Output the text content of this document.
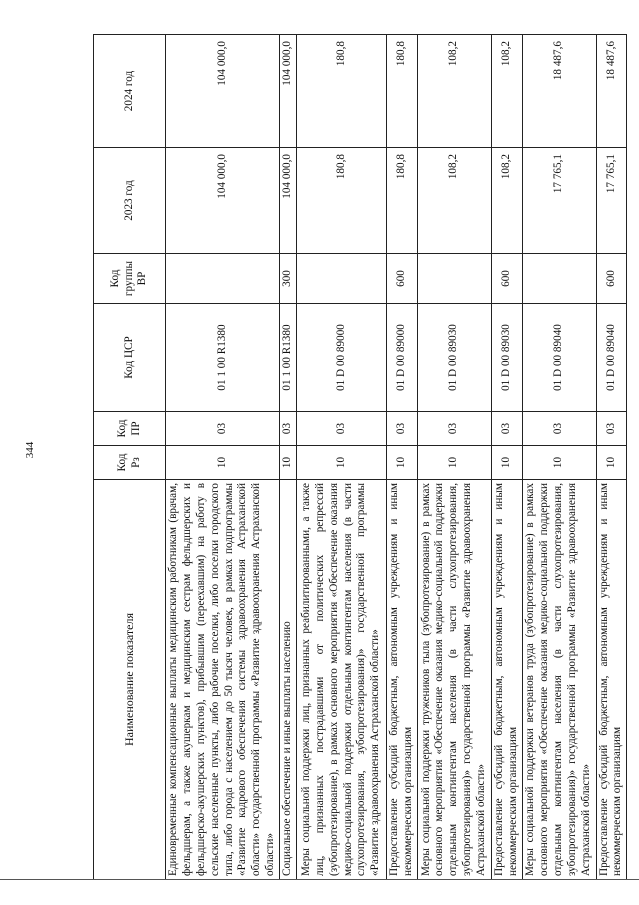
344
Наименование показателя	Код Рз	Код ПР	Код ЦСР	Код группы ВР	2023 год	2024 год
Единовременные компенсационные выплаты медицинским работникам (врачам, фельдшерам, а также акушеркам и медицинским сестрам фельдшерских и фельдшерско-акушерских пунктов), прибывшим (переехавшим) на работу в сельские населенные пункты, либо рабочие поселки, либо поселки городского типа, либо города с населением до 50 тысяч человек, в рамках подпрограммы «Развитие кадрового обеспечения системы здравоохранения Астраханской области» государственной программы «Развитие здравоохранения Астраханской области»	10	03	01 1 00 R1380		104 000,0	104 000,0
Социальное обеспечение и иные выплаты населению	10	03	01 1 00 R1380	300	104 000,0	104 000,0
Меры социальной поддержки лиц, признанных реабилитированными, а также лиц, признанных пострадавшими от политических репрессий (зубопротезирование), в рамках основного мероприятия «Обеспечение оказания медико-социальной поддержки отдельным контингентам населения (в части слухопротезирования, зубопротезирования)» государственной программы «Развитие здравоохранения Астраханской области»	10	03	01 D 00 89000		180,8	180,8
Предоставление субсидий бюджетным, автономным учреждениям и иным некоммерческим организациям	10	03	01 D 00 89000	600	180,8	180,8
Меры социальной поддержки тружеников тыла (зубопротезирование) в рамках основного мероприятия «Обеспечение оказания медико-социальной поддержки отдельным контингентам населения (в части слухопротезирования, зубопротезирования)» государственной программы «Развитие здравоохранения Астраханской области»	10	03	01 D 00 89030		108,2	108,2
Предоставление субсидий бюджетным, автономным учреждениям и иным некоммерческим организациям	10	03	01 D 00 89030	600	108,2	108,2
Меры социальной поддержки ветеранов труда (зубопротезирование) в рамках основного мероприятия «Обеспечение оказания медико-социальной поддержки отдельным контингентам населения (в части слухопротезирования, зубопротезирования)» государственной программы «Развитие здравоохранения Астраханской области»	10	03	01 D 00 89040		17 765,1	18 487,6
Предоставление субсидий бюджетным, автономным учреждениям и иным некоммерческим организациям	10	03	01 D 00 89040	600	17 765,1	18 487,6
